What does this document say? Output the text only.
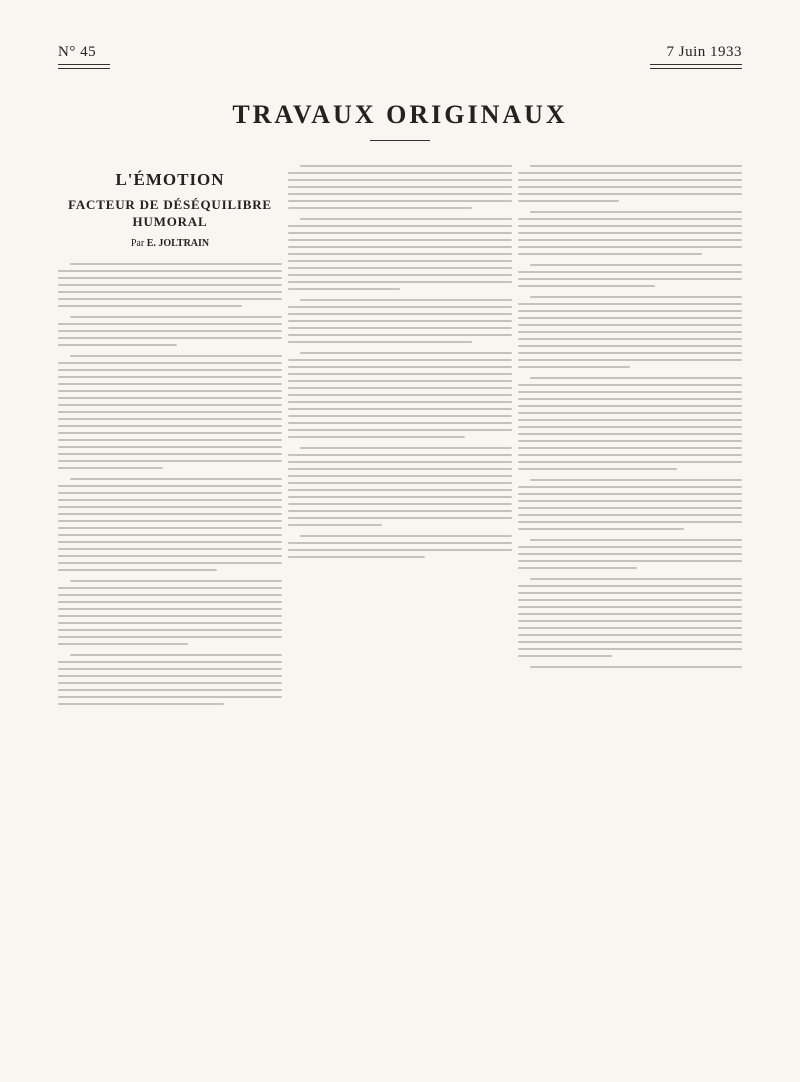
N° 45	7 Juin 1933
TRAVAUX ORIGINAUX
L'ÉMOTION
FACTEUR DE DÉSÉQUILIBRE
HUMORAL
Par E. JOLTRAIN
